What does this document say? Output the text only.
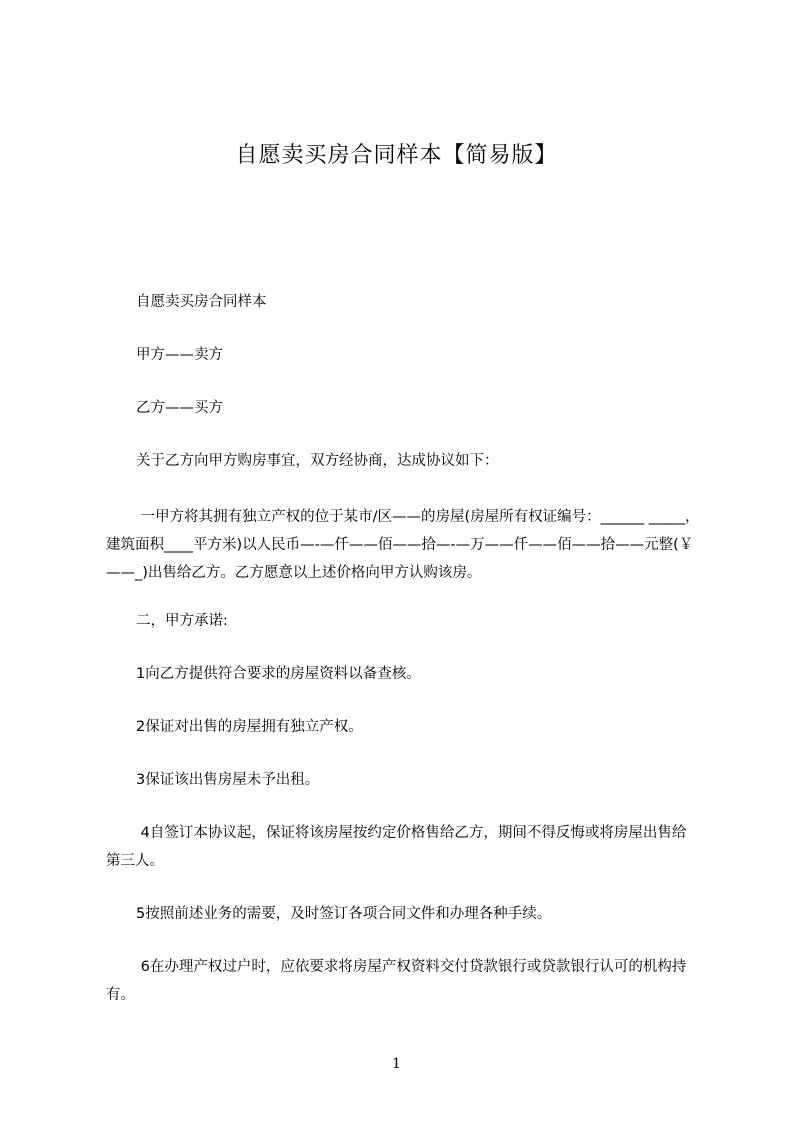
自愿卖买房合同样本【简易版】
自愿卖买房合同样本
甲方——卖方
乙方——买方
关于乙方向甲方购房事宜，双方经协商，达成协议如下：
一甲方将其拥有独立产权的位于某市/区——的房屋(房屋所有权证编号：______ _____，建筑面积____平方米)以人民币—-—仟——佰——拾—-—万——仟——佰——拾——元整(￥——_)出售给乙方。乙方愿意以上述价格向甲方认购该房。
二，甲方承诺:
1向乙方提供符合要求的房屋资料以备查核。
2保证对出售的房屋拥有独立产权。
3保证该出售房屋未予出租。
4自签订本协议起，保证将该房屋按约定价格售给乙方，期间不得反悔或将房屋出售给第三人。
5按照前述业务的需要，及时签订各项合同文件和办理各种手续。
6在办理产权过户时，应依要求将房屋产权资料交付贷款银行或贷款银行认可的机构持有。
1
